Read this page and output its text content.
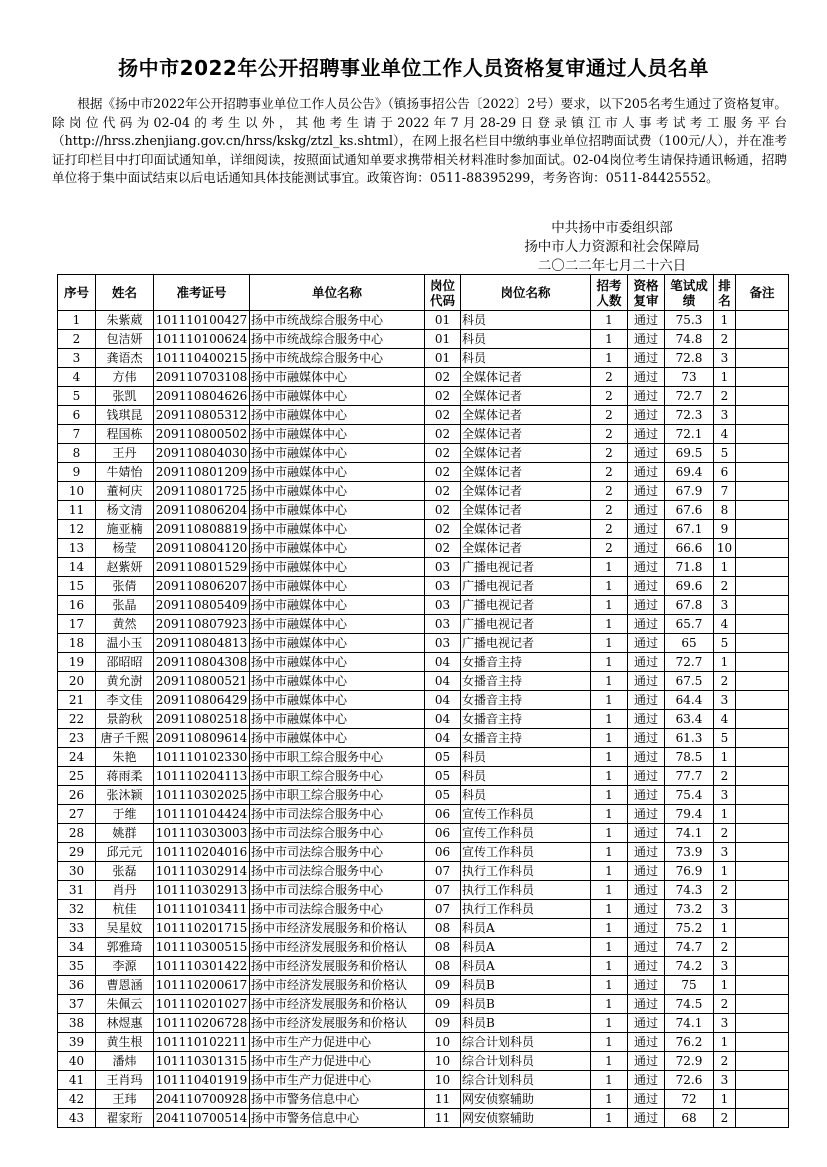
扬中市2022年公开招聘事业单位工作人员资格复审通过人员名单
根据《扬中市2022年公开招聘事业单位工作人员公告》（镇扬事招公告〔2022〕2号）要求，以下205名考生通过了资格复审。除岗位代码为02-04的考生以外，其他考生请于2022年7月28-29日登录镇江市人事考试考工服务平台（http://hrss.zhenjiang.gov.cn/hrss/kskg/ztzl_ks.shtml），在网上报名栏目中缴纳事业单位招聘面试费（100元/人），并在准考证打印栏目中打印面试通知单，详细阅读，按照面试通知单要求携带相关材料准时参加面试。02-04岗位考生请保持通讯畅通，招聘单位将于集中面试结束以后电话通知具体技能测试事宜。政策咨询：0511-88395299，考务咨询：0511-84425552。
中共扬中市委组织部
扬中市人力资源和社会保障局
二〇二二年七月二十六日
序号	姓名	准考证号	单位名称	岗位代码	岗位名称	招考人数	资格复审	笔试成绩	排名	备注
1	朱紫葳	101110100427	扬中市统战综合服务中心	01	科员	1	通过	75.3	1	
2	包洁妍	101110100624	扬中市统战综合服务中心	01	科员	1	通过	74.8	2	
3	龚语杰	101110400215	扬中市统战综合服务中心	01	科员	1	通过	72.8	3	
4	方伟	209110703108	扬中市融媒体中心	02	全媒体记者	2	通过	73	1	
5	张凯	209110804626	扬中市融媒体中心	02	全媒体记者	2	通过	72.7	2	
6	钱琪昆	209110805312	扬中市融媒体中心	02	全媒体记者	2	通过	72.3	3	
7	程国栋	209110800502	扬中市融媒体中心	02	全媒体记者	2	通过	72.1	4	
8	王丹	209110804030	扬中市融媒体中心	02	全媒体记者	2	通过	69.5	5	
9	牛婧怡	209110801209	扬中市融媒体中心	02	全媒体记者	2	通过	69.4	6	
10	董柯庆	209110801725	扬中市融媒体中心	02	全媒体记者	2	通过	67.9	7	
11	杨文清	209110806204	扬中市融媒体中心	02	全媒体记者	2	通过	67.6	8	
12	施亚楠	209110808819	扬中市融媒体中心	02	全媒体记者	2	通过	67.1	9	
13	杨莹	209110804120	扬中市融媒体中心	02	全媒体记者	2	通过	66.6	10	
14	赵紫妍	209110801529	扬中市融媒体中心	03	广播电视记者	1	通过	71.8	1	
15	张倩	209110806207	扬中市融媒体中心	03	广播电视记者	1	通过	69.6	2	
16	张晶	209110805409	扬中市融媒体中心	03	广播电视记者	1	通过	67.8	3	
17	黄然	209110807923	扬中市融媒体中心	03	广播电视记者	1	通过	65.7	4	
18	温小玉	209110804813	扬中市融媒体中心	03	广播电视记者	1	通过	65	5	
19	邵昭昭	209110804308	扬中市融媒体中心	04	女播音主持	1	通过	72.7	1	
20	黄允澍	209110800521	扬中市融媒体中心	04	女播音主持	1	通过	67.5	2	
21	李文佳	209110806429	扬中市融媒体中心	04	女播音主持	1	通过	64.4	3	
22	景韵秋	209110802518	扬中市融媒体中心	04	女播音主持	1	通过	63.4	4	
23	唐子千熙	209110809614	扬中市融媒体中心	04	女播音主持	1	通过	61.3	5	
24	朱艳	101110102330	扬中市职工综合服务中心	05	科员	1	通过	78.5	1	
25	蒋雨柔	101110204113	扬中市职工综合服务中心	05	科员	1	通过	77.7	2	
26	张沐颖	101110302025	扬中市职工综合服务中心	05	科员	1	通过	75.4	3	
27	于维	101110104424	扬中市司法综合服务中心	06	宣传工作科员	1	通过	79.4	1	
28	姚群	101110303003	扬中市司法综合服务中心	06	宣传工作科员	1	通过	74.1	2	
29	邱元元	101110204016	扬中市司法综合服务中心	06	宣传工作科员	1	通过	73.9	3	
30	张磊	101110302914	扬中市司法综合服务中心	07	执行工作科员	1	通过	76.9	1	
31	肖丹	101110302913	扬中市司法综合服务中心	07	执行工作科员	1	通过	74.3	2	
32	杭佳	101110103411	扬中市司法综合服务中心	07	执行工作科员	1	通过	73.2	3	
33	吴星妏	101110201715	扬中市经济发展服务和价格认	08	科员A	1	通过	75.2	1	
34	郭雅琦	101110300515	扬中市经济发展服务和价格认	08	科员A	1	通过	74.7	2	
35	李源	101110301422	扬中市经济发展服务和价格认	08	科员A	1	通过	74.2	3	
36	曹恩涵	101110200617	扬中市经济发展服务和价格认	09	科员B	1	通过	75	1	
37	朱佩云	101110201027	扬中市经济发展服务和价格认	09	科员B	1	通过	74.5	2	
38	林煜惠	101110206728	扬中市经济发展服务和价格认	09	科员B	1	通过	74.1	3	
39	黄生根	101110102211	扬中市生产力促进中心	10	综合计划科员	1	通过	76.2	1	
40	潘炜	101110301315	扬中市生产力促进中心	10	综合计划科员	1	通过	72.9	2	
41	王肖玛	101110401919	扬中市生产力促进中心	10	综合计划科员	1	通过	72.6	3	
42	王玮	204110700928	扬中市警务信息中心	11	网安侦察辅助	1	通过	72	1	
43	翟家珩	204110700514	扬中市警务信息中心	11	网安侦察辅助	1	通过	68	2	
